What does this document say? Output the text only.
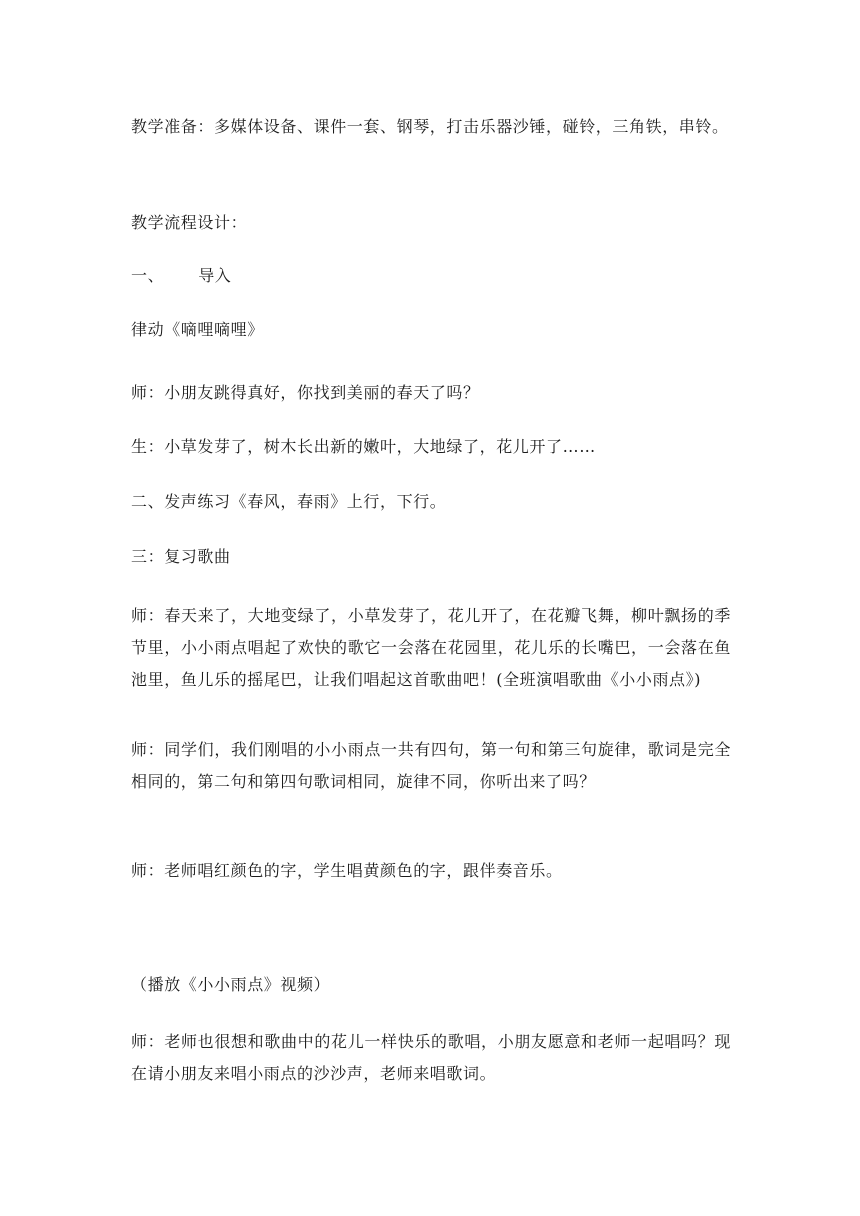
教学准备：多媒体设备、课件一套、钢琴，打击乐器沙锤，碰铃，三角铁，串铃。

教学流程设计：

一、 导入

律动《嘀哩嘀哩》

师：小朋友跳得真好，你找到美丽的春天了吗？

生：小草发芽了，树木长出新的嫩叶，大地绿了，花儿开了……

二、发声练习《春风，春雨》上行，下行。

三：复习歌曲

师：春天来了，大地变绿了，小草发芽了，花儿开了，在花瓣飞舞，柳叶飘扬的季节里，小小雨点唱起了欢快的歌它一会落在花园里，花儿乐的长嘴巴，一会落在鱼池里，鱼儿乐的摇尾巴，让我们唱起这首歌曲吧！(全班演唱歌曲《小小雨点》)

师：同学们，我们刚唱的小小雨点一共有四句，第一句和第三句旋律，歌词是完全相同的，第二句和第四句歌词相同，旋律不同，你听出来了吗？

师：老师唱红颜色的字，学生唱黄颜色的字，跟伴奏音乐。

（播放《小小雨点》视频）

师：老师也很想和歌曲中的花儿一样快乐的歌唱，小朋友愿意和老师一起唱吗？现在请小朋友来唱小雨点的沙沙声，老师来唱歌词。
